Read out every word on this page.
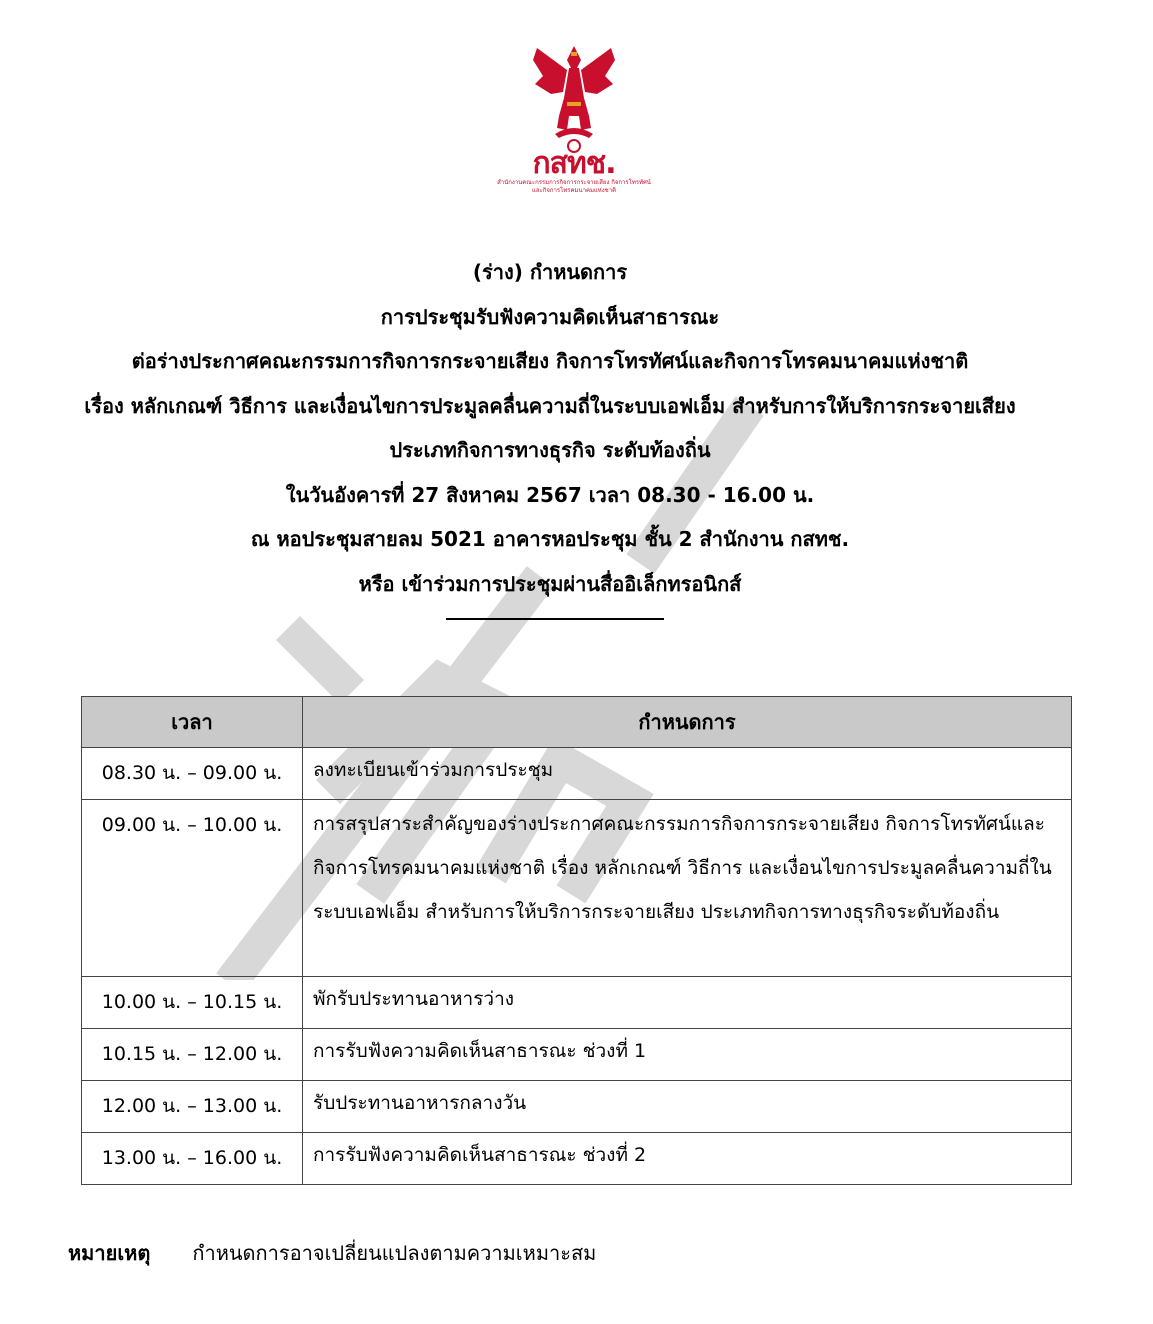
กสทช.
สำนักงานคณะกรรมการกิจการกระจายเสียง กิจการโทรทัศน์
และกิจการโทรคมนาคมแห่งชาติ
(ร่าง) กำหนดการ
การประชุมรับฟังความคิดเห็นสาธารณะ
ต่อร่างประกาศคณะกรรมการกิจการกระจายเสียง กิจการโทรทัศน์และกิจการโทรคมนาคมแห่งชาติ
เรื่อง หลักเกณฑ์ วิธีการ และเงื่อนไขการประมูลคลื่นความถี่ในระบบเอฟเอ็ม สำหรับการให้บริการกระจายเสียง
ประเภทกิจการทางธุรกิจ ระดับท้องถิ่น
ในวันอังคารที่ 27 สิงหาคม 2567 เวลา 08.30 - 16.00 น.
ณ หอประชุมสายลม 5021 อาคารหอประชุม ชั้น 2 สำนักงาน กสทช.
หรือ เข้าร่วมการประชุมผ่านสื่ออิเล็กทรอนิกส์
เวลา	กำหนดการ
08.30 น. – 09.00 น.	ลงทะเบียนเข้าร่วมการประชุม
09.00 น. – 10.00 น.	การสรุปสาระสำคัญของร่างประกาศคณะกรรมการกิจการกระจายเสียง กิจการโทรทัศน์และกิจการโทรคมนาคมแห่งชาติ เรื่อง หลักเกณฑ์ วิธีการ และเงื่อนไขการประมูลคลื่นความถี่ในระบบเอฟเอ็ม สำหรับการให้บริการกระจายเสียง ประเภทกิจการทางธุรกิจระดับท้องถิ่น
10.00 น. – 10.15 น.	พักรับประทานอาหารว่าง
10.15 น. – 12.00 น.	การรับฟังความคิดเห็นสาธารณะ ช่วงที่ 1
12.00 น. – 13.00 น.	รับประทานอาหารกลางวัน
13.00 น. – 16.00 น.	การรับฟังความคิดเห็นสาธารณะ ช่วงที่ 2
หมายเหตุ กำหนดการอาจเปลี่ยนแปลงตามความเหมาะสม
